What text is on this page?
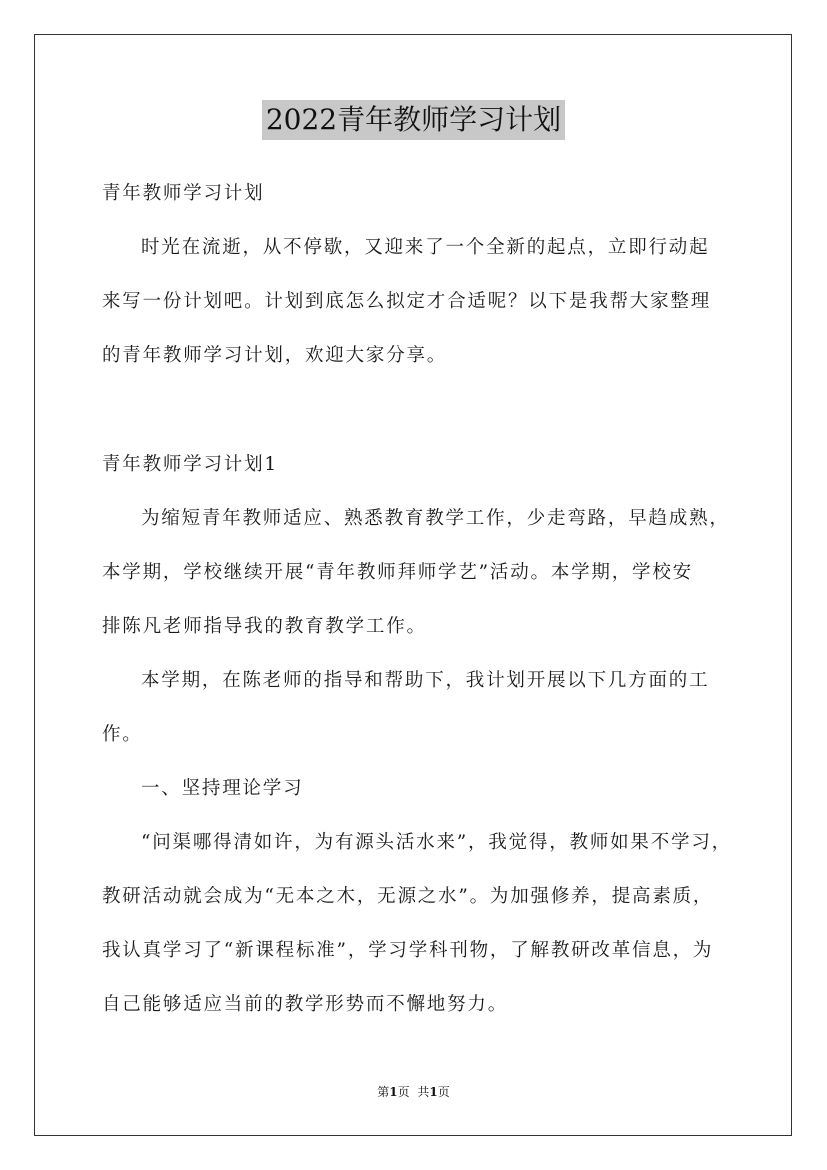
2022青年教师学习计划
青年教师学习计划
时光在流逝，从不停歇，又迎来了一个全新的起点，立即行动起
来写一份计划吧。计划到底怎么拟定才合适呢？以下是我帮大家整理
的青年教师学习计划，欢迎大家分享。
青年教师学习计划1
为缩短青年教师适应、熟悉教育教学工作，少走弯路，早趋成熟，
本学期，学校继续开展“青年教师拜师学艺”活动。本学期，学校安
排陈凡老师指导我的教育教学工作。
本学期，在陈老师的指导和帮助下，我计划开展以下几方面的工
作。
一、坚持理论学习
“问渠哪得清如许，为有源头活水来”，我觉得，教师如果不学习，
教研活动就会成为“无本之木，无源之水”。为加强修养，提高素质，
我认真学习了“新课程标准”，学习学科刊物，了解教研改革信息，为
自己能够适应当前的教学形势而不懈地努力。
第1页 共1页
